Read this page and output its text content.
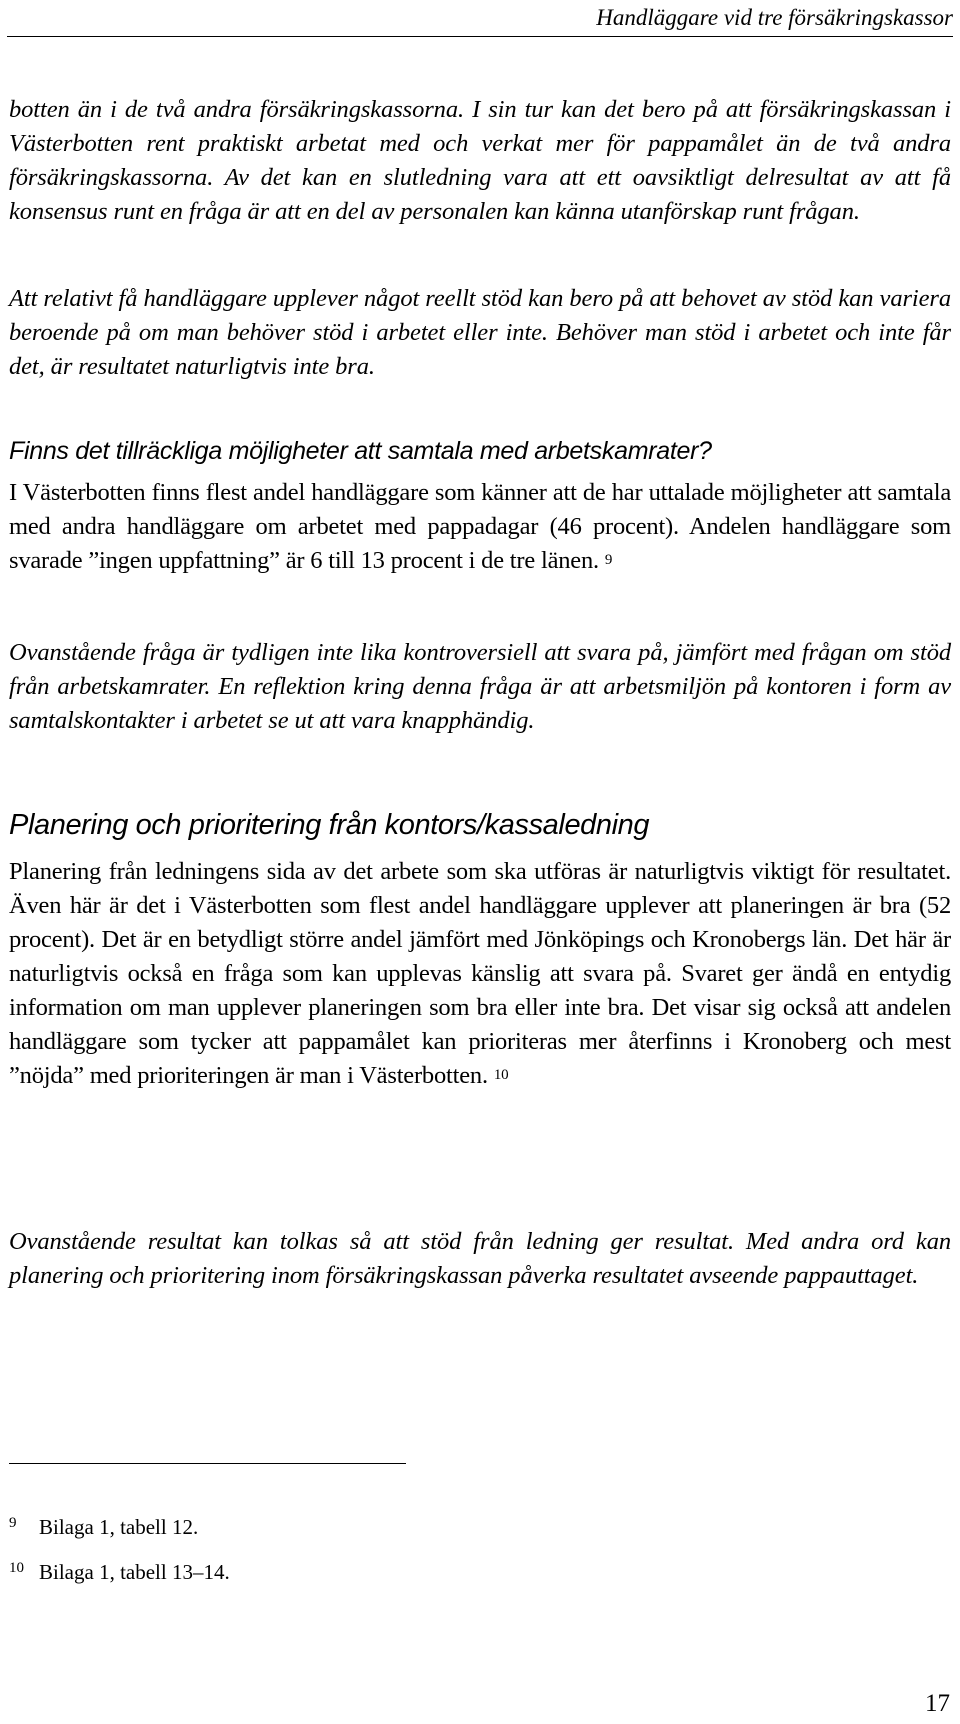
Handläggare vid tre försäkringskassor

botten än i de två andra försäkringskassorna. I sin tur kan det bero på att försäkringskassan i Västerbotten rent praktiskt arbetat med och verkat mer för pappamålet än de två andra försäkringskassorna. Av det kan en slutledning vara att ett oavsiktligt delresultat av att få konsensus runt en fråga är att en del av personalen kan känna utanförskap runt frågan.

Att relativt få handläggare upplever något reellt stöd kan bero på att behovet av stöd kan variera beroende på om man behöver stöd i arbetet eller inte. Behöver man stöd i arbetet och inte får det, är resultatet naturligtvis inte bra.

Finns det tillräckliga möjligheter att samtala med arbetskamrater?

I Västerbotten finns flest andel handläggare som känner att de har uttalade möjligheter att samtala med andra handläggare om arbetet med pappadagar (46 procent). Andelen handläggare som svarade ”ingen uppfattning” är 6 till 13 procent i de tre länen. $^9$

Ovanstående fråga är tydligen inte lika kontroversiell att svara på, jämfört med frågan om stöd från arbetskamrater. En reflektion kring denna fråga är att arbetsmiljön på kontoren i form av samtalskontakter i arbetet se ut att vara knapphändig.

Planering och prioritering från kontors/kassaledning

Planering från ledningens sida av det arbete som ska utföras är naturligtvis viktigt för resultatet. Även här är det i Västerbotten som flest andel handläggare upplever att planeringen är bra (52 procent). Det är en betydligt större andel jämfört med Jönköpings och Kronobergs län. Det här är naturligtvis också en fråga som kan upplevas känslig att svara på. Svaret ger ändå en entydig information om man upplever planeringen som bra eller inte bra. Det visar sig också att andelen handläggare som tycker att pappamålet kan prioriteras mer återfinns i Kronoberg och mest ”nöjda” med prioriteringen är man i Västerbotten. $^{10}$

Ovanstående resultat kan tolkas så att stöd från ledning ger resultat. Med andra ord kan planering och prioritering inom försäkringskassan påverka resultatet avseende pappauttaget.

9 Bilaga 1, tabell 12.
10 Bilaga 1, tabell 13–14.
17
